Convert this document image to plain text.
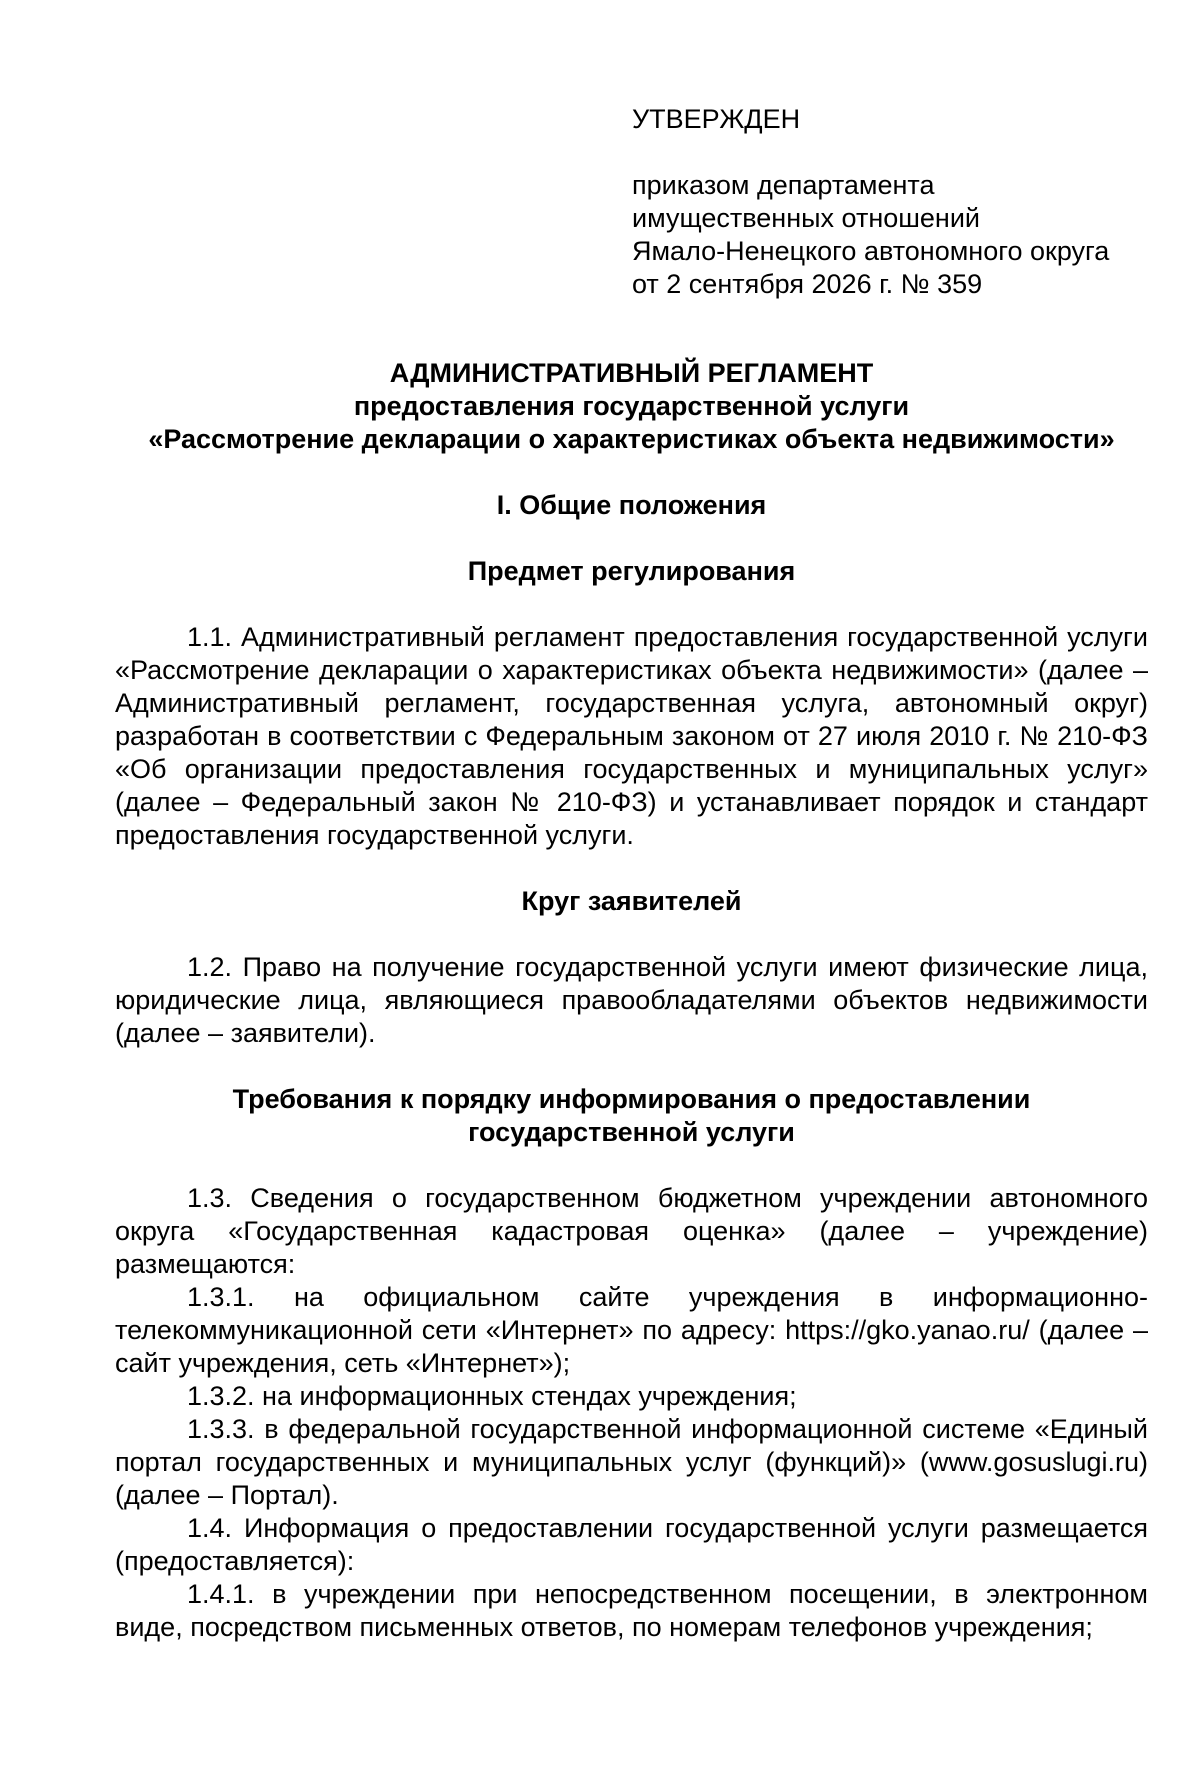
УТВЕРЖДЕН
приказом департамента
имущественных отношений
Ямало-Ненецкого автономного округа
от 2 сентября 2026 г. № 359
АДМИНИСТРАТИВНЫЙ РЕГЛАМЕНТ
предоставления государственной услуги
«Рассмотрение декларации о характеристиках объекта недвижимости»
I. Общие положения
Предмет регулирования

1.1. Административный регламент предоставления государственной услуги «Рассмотрение декларации о характеристиках объекта недвижимости» (далее – Административный регламент, государственная услуга, автономный округ) разработан в соответствии с Федеральным законом от 27 июля 2010 г. № 210-ФЗ «Об организации предоставления государственных и муниципальных услуг» (далее – Федеральный закон № 210-ФЗ) и устанавливает порядок и стандарт предоставления государственной услуги.

Круг заявителей

1.2. Право на получение государственной услуги имеют физические лица, юридические лица, являющиеся правообладателями объектов недвижимости (далее – заявители).

Требования к порядку информирования о предоставлении
государственной услуги

1.3. Сведения о государственном бюджетном учреждении автономного округа «Государственная кадастровая оценка» (далее – учреждение) размещаются:

1.3.1. на официальном сайте учреждения в информационно-телекоммуникационной сети «Интернет» по адресу: https://gko.yanao.ru/ (далее – сайт учреждения, сеть «Интернет»);

1.3.2. на информационных стендах учреждения;

1.3.3. в федеральной государственной информационной системе «Единый портал государственных и муниципальных услуг (функций)» (www.gosuslugi.ru) (далее – Портал).

1.4. Информация о предоставлении государственной услуги размещается (предоставляется):

1.4.1. в учреждении при непосредственном посещении, в электронном виде, посредством письменных ответов, по номерам телефонов учреждения;
